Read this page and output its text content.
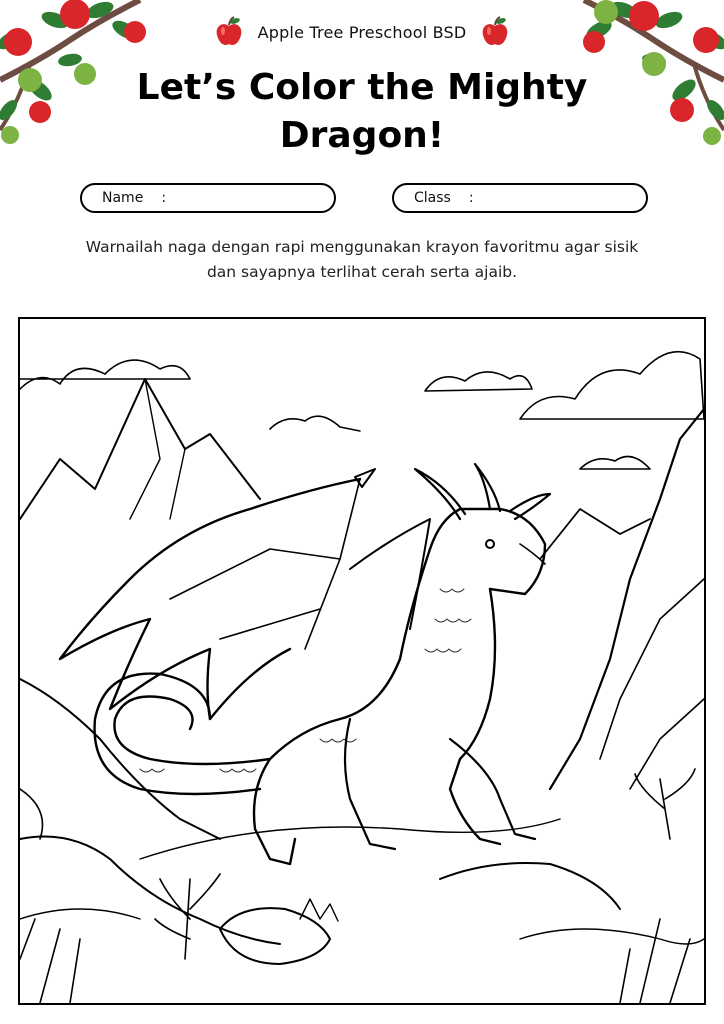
Apple Tree Preschool BSD
Let’s Color the Mighty Dragon!
Name :	Class :

Warnailah naga dengan rapi menggunakan krayon favoritmu agar sisik dan sayapnya terlihat cerah serta ajaib.
